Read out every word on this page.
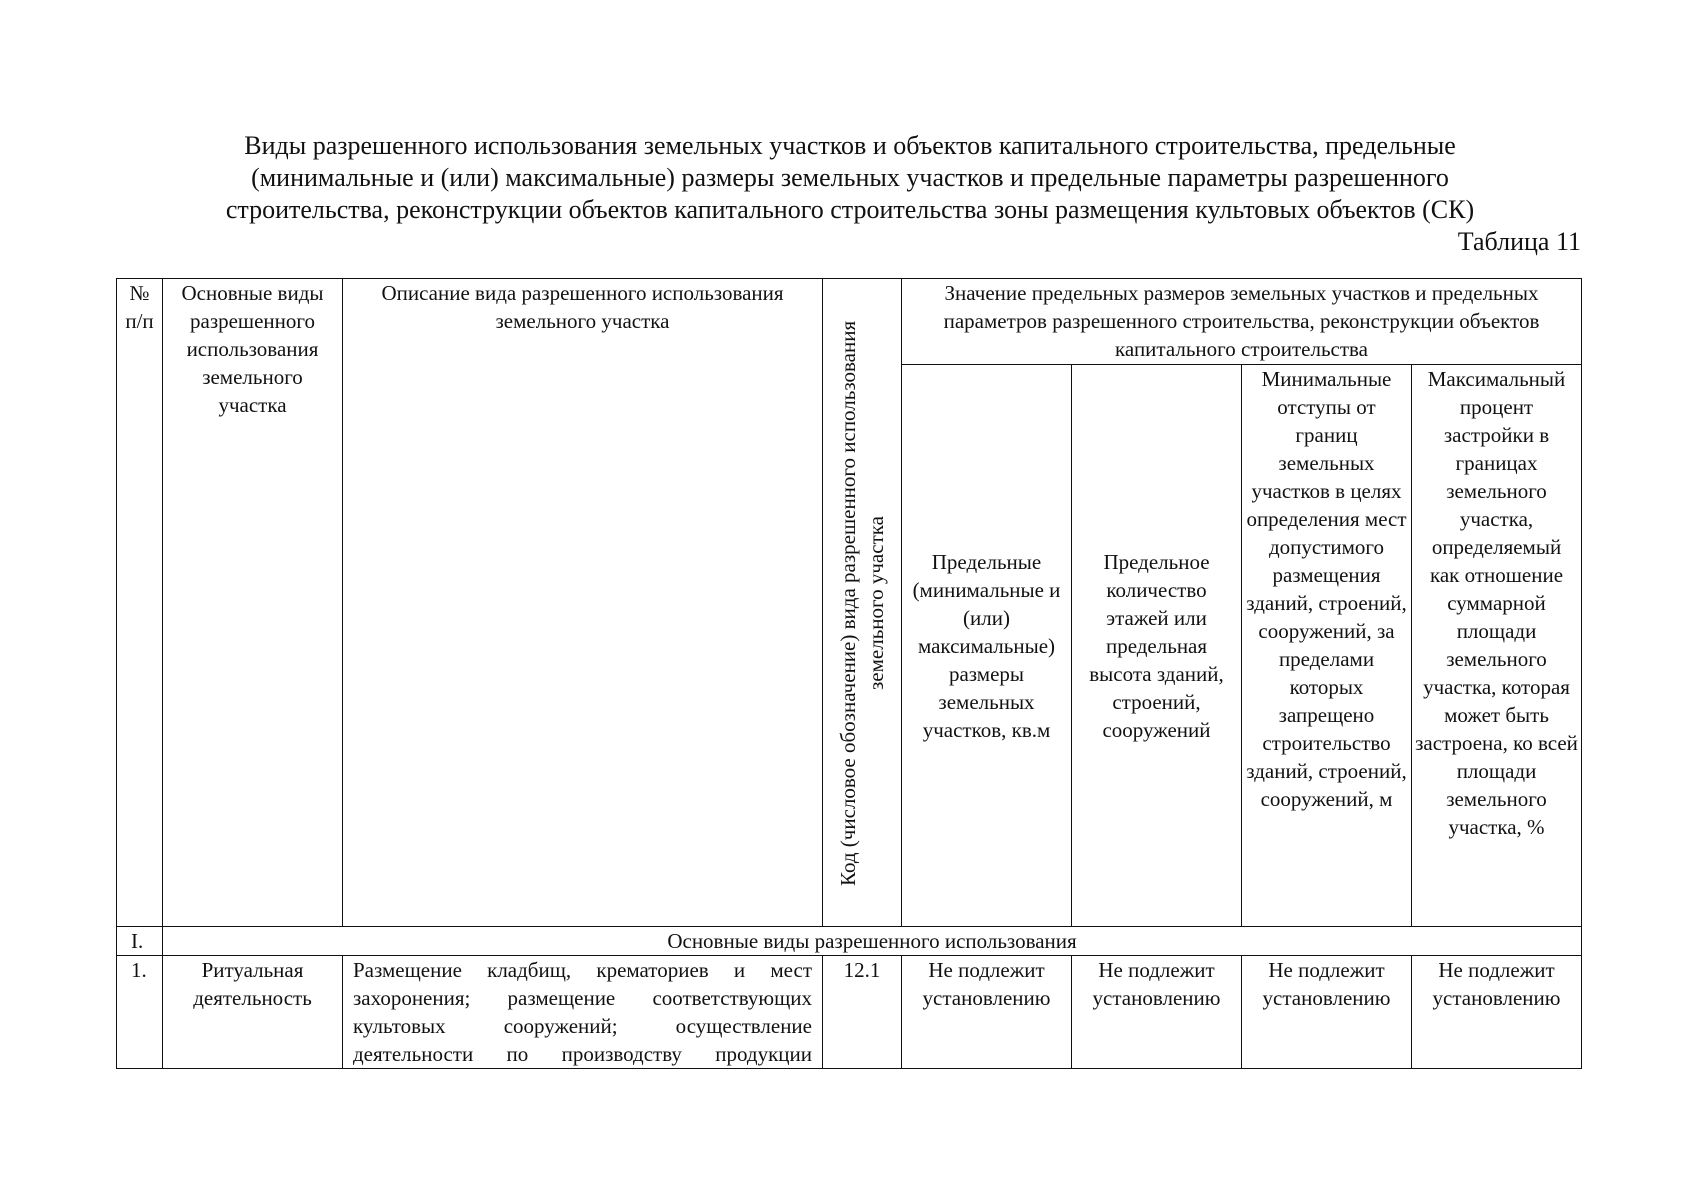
Виды разрешенного использования земельных участков и объектов капитального строительства, предельные
(минимальные и (или) максимальные) размеры земельных участков и предельные параметры разрешенного
строительства, реконструкции объектов капитального строительства зоны размещения культовых объектов (СК)
Таблица 11
№ п/п	Основные виды разрешенного использования земельного участка	Описание вида разрешенного использования земельного участка	Код (числовое обозначение) вида разрешенного использования земельного участка	Значение предельных размеров земельных участков и предельных параметров разрешенного строительства, реконструкции объектов капитального строительства			
				Предельные (минимальные и (или) максимальные) размеры земельных участков, кв.м	Предельное количество этажей или предельная высота зданий, строений, сооружений	Минимальные отступы от границ земельных участков в целях определения мест допустимого размещения зданий, строений, сооружений, за пределами которых запрещено строительство зданий, строений, сооружений, м	Максимальный процент застройки в границах земельного участка, определяемый как отношение суммарной площади земельного участка, которая может быть застроена, ко всей площади земельного участка, %
I.	Основные виды разрешенного использования						
1.	Ритуальная деятельность	Размещение кладбищ, крематориев и мест
захоронения; размещение соответствующих
культовых сооружений; осуществление
деятельности по производству продукции	12.1	Не подлежит установлению	Не подлежит установлению	Не подлежит установлению	Не подлежит установлению
